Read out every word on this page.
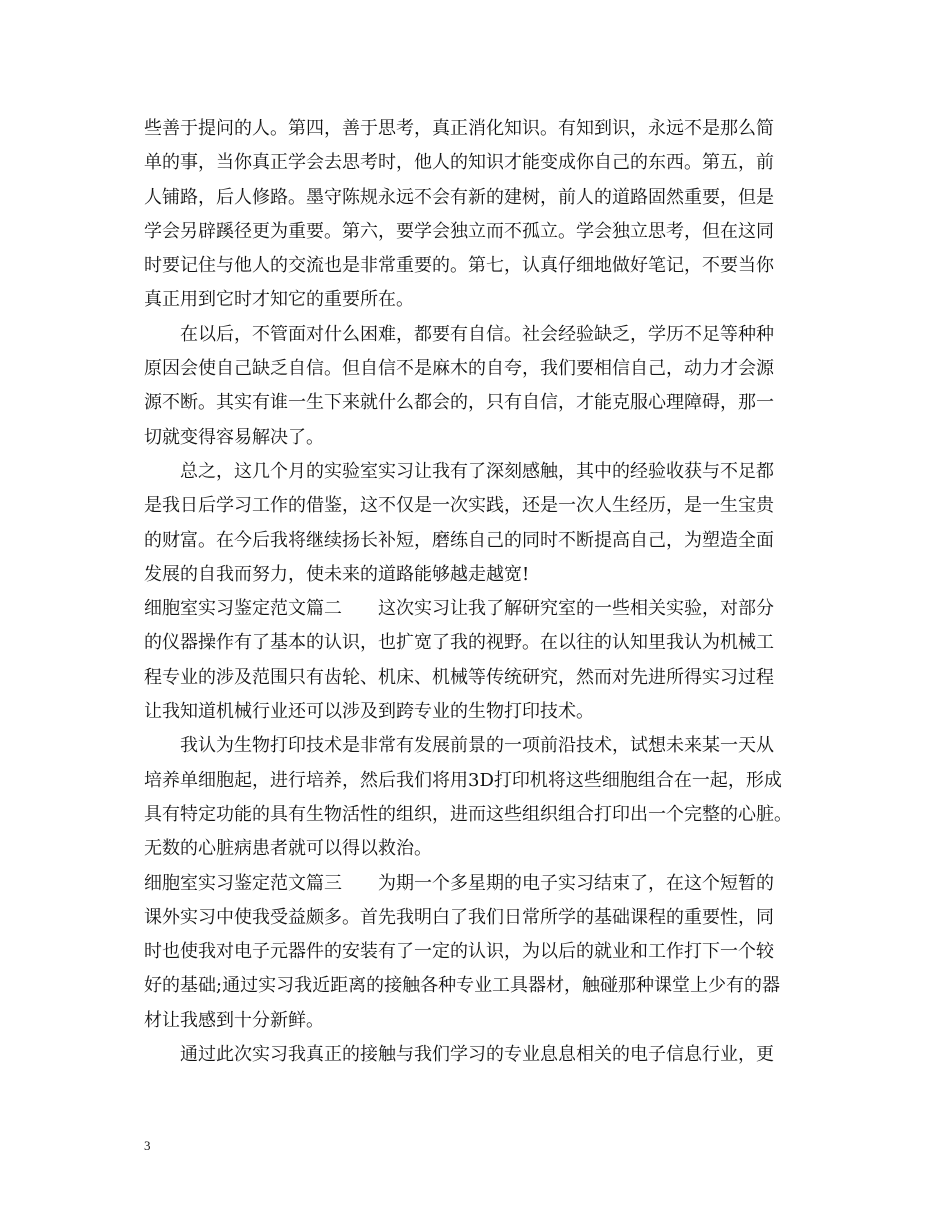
些善于提问的人。第四，善于思考，真正消化知识。有知到识，永远不是那么简
单的事，当你真正学会去思考时，他人的知识才能变成你自己的东西。第五，前
人铺路，后人修路。墨守陈规永远不会有新的建树，前人的道路固然重要，但是
学会另辟蹊径更为重要。第六，要学会独立而不孤立。学会独立思考，但在这同
时要记住与他人的交流也是非常重要的。第七，认真仔细地做好笔记，不要当你
真正用到它时才知它的重要所在。
在以后，不管面对什么困难，都要有自信。社会经验缺乏，学历不足等种种
原因会使自己缺乏自信。但自信不是麻木的自夸，我们要相信自己，动力才会源
源不断。其实有谁一生下来就什么都会的，只有自信，才能克服心理障碍，那一
切就变得容易解决了。
总之，这几个月的实验室实习让我有了深刻感触，其中的经验收获与不足都
是我日后学习工作的借鉴，这不仅是一次实践，还是一次人生经历，是一生宝贵
的财富。在今后我将继续扬长补短，磨练自己的同时不断提高自己，为塑造全面
发展的自我而努力，使未来的道路能够越走越宽!
细胞室实习鉴定范文篇二　　这次实习让我了解研究室的一些相关实验，对部分
的仪器操作有了基本的认识，也扩宽了我的视野。在以往的认知里我认为机械工
程专业的涉及范围只有齿轮、机床、机械等传统研究，然而对先进所得实习过程
让我知道机械行业还可以涉及到跨专业的生物打印技术。
我认为生物打印技术是非常有发展前景的一项前沿技术，试想未来某一天从
培养单细胞起，进行培养，然后我们将用3D打印机将这些细胞组合在一起，形成
具有特定功能的具有生物活性的组织，进而这些组织组合打印出一个完整的心脏。
无数的心脏病患者就可以得以救治。
细胞室实习鉴定范文篇三　　为期一个多星期的电子实习结束了，在这个短暂的
课外实习中使我受益颇多。首先我明白了我们日常所学的基础课程的重要性，同
时也使我对电子元器件的安装有了一定的认识，为以后的就业和工作打下一个较
好的基础;通过实习我近距离的接触各种专业工具器材，触碰那种课堂上少有的器
材让我感到十分新鲜。
通过此次实习我真正的接触与我们学习的专业息息相关的电子信息行业，更
3
